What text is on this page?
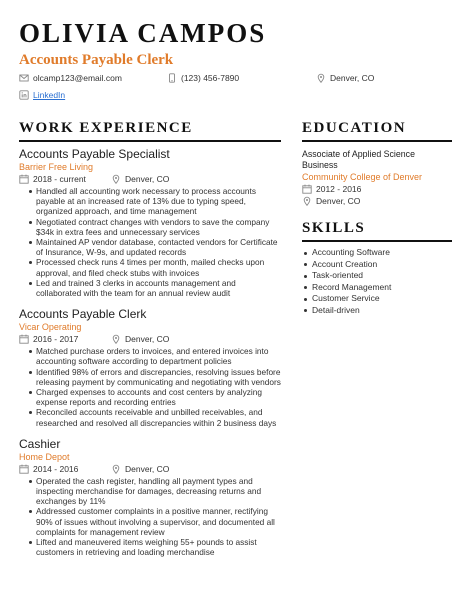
OLIVIA CAMPOS
Accounts Payable Clerk
olcamp123@email.com	(123) 456-7890	Denver, CO
LinkedIn
WORK EXPERIENCE
Accounts Payable Specialist
Barrier Free Living
2018 - current	Denver, CO
Handled all accounting work necessary to process accounts payable at an increased rate of 13% due to typing speed, organized approach, and time management
Negotiated contract changes with vendors to save the company $34k in extra fees and unnecessary services
Maintained AP vendor database, contacted vendors for Certificate of Insurance, W-9s, and updated records
Processed check runs 4 times per month, mailed checks upon approval, and filed check stubs with invoices
Led and trained 3 clerks in accounts management and collaborated with the team for an annual review audit
Accounts Payable Clerk
Vicar Operating
2016 - 2017	Denver, CO
Matched purchase orders to invoices, and entered invoices into accounting software according to department policies
Identified 98% of errors and discrepancies, resolving issues before releasing payment by communicating and negotiating with vendors
Charged expenses to accounts and cost centers by analyzing expense reports and recording entries
Reconciled accounts receivable and unbilled receivables, and researched and resolved all discrepancies within 2 business days
Cashier
Home Depot
2014 - 2016	Denver, CO
Operated the cash register, handling all payment types and inspecting merchandise for damages, decreasing returns and exchanges by 11%
Addressed customer complaints in a positive manner, rectifying 90% of issues without involving a supervisor, and documented all complaints for management review
Lifted and maneuvered items weighing 55+ pounds to assist customers in retrieving and loading merchandise
EDUCATION
Associate of Applied Science Business
Community College of Denver
2012 - 2016
Denver, CO
SKILLS
Accounting Software
Account Creation
Task-oriented
Record Management
Customer Service
Detail-driven
